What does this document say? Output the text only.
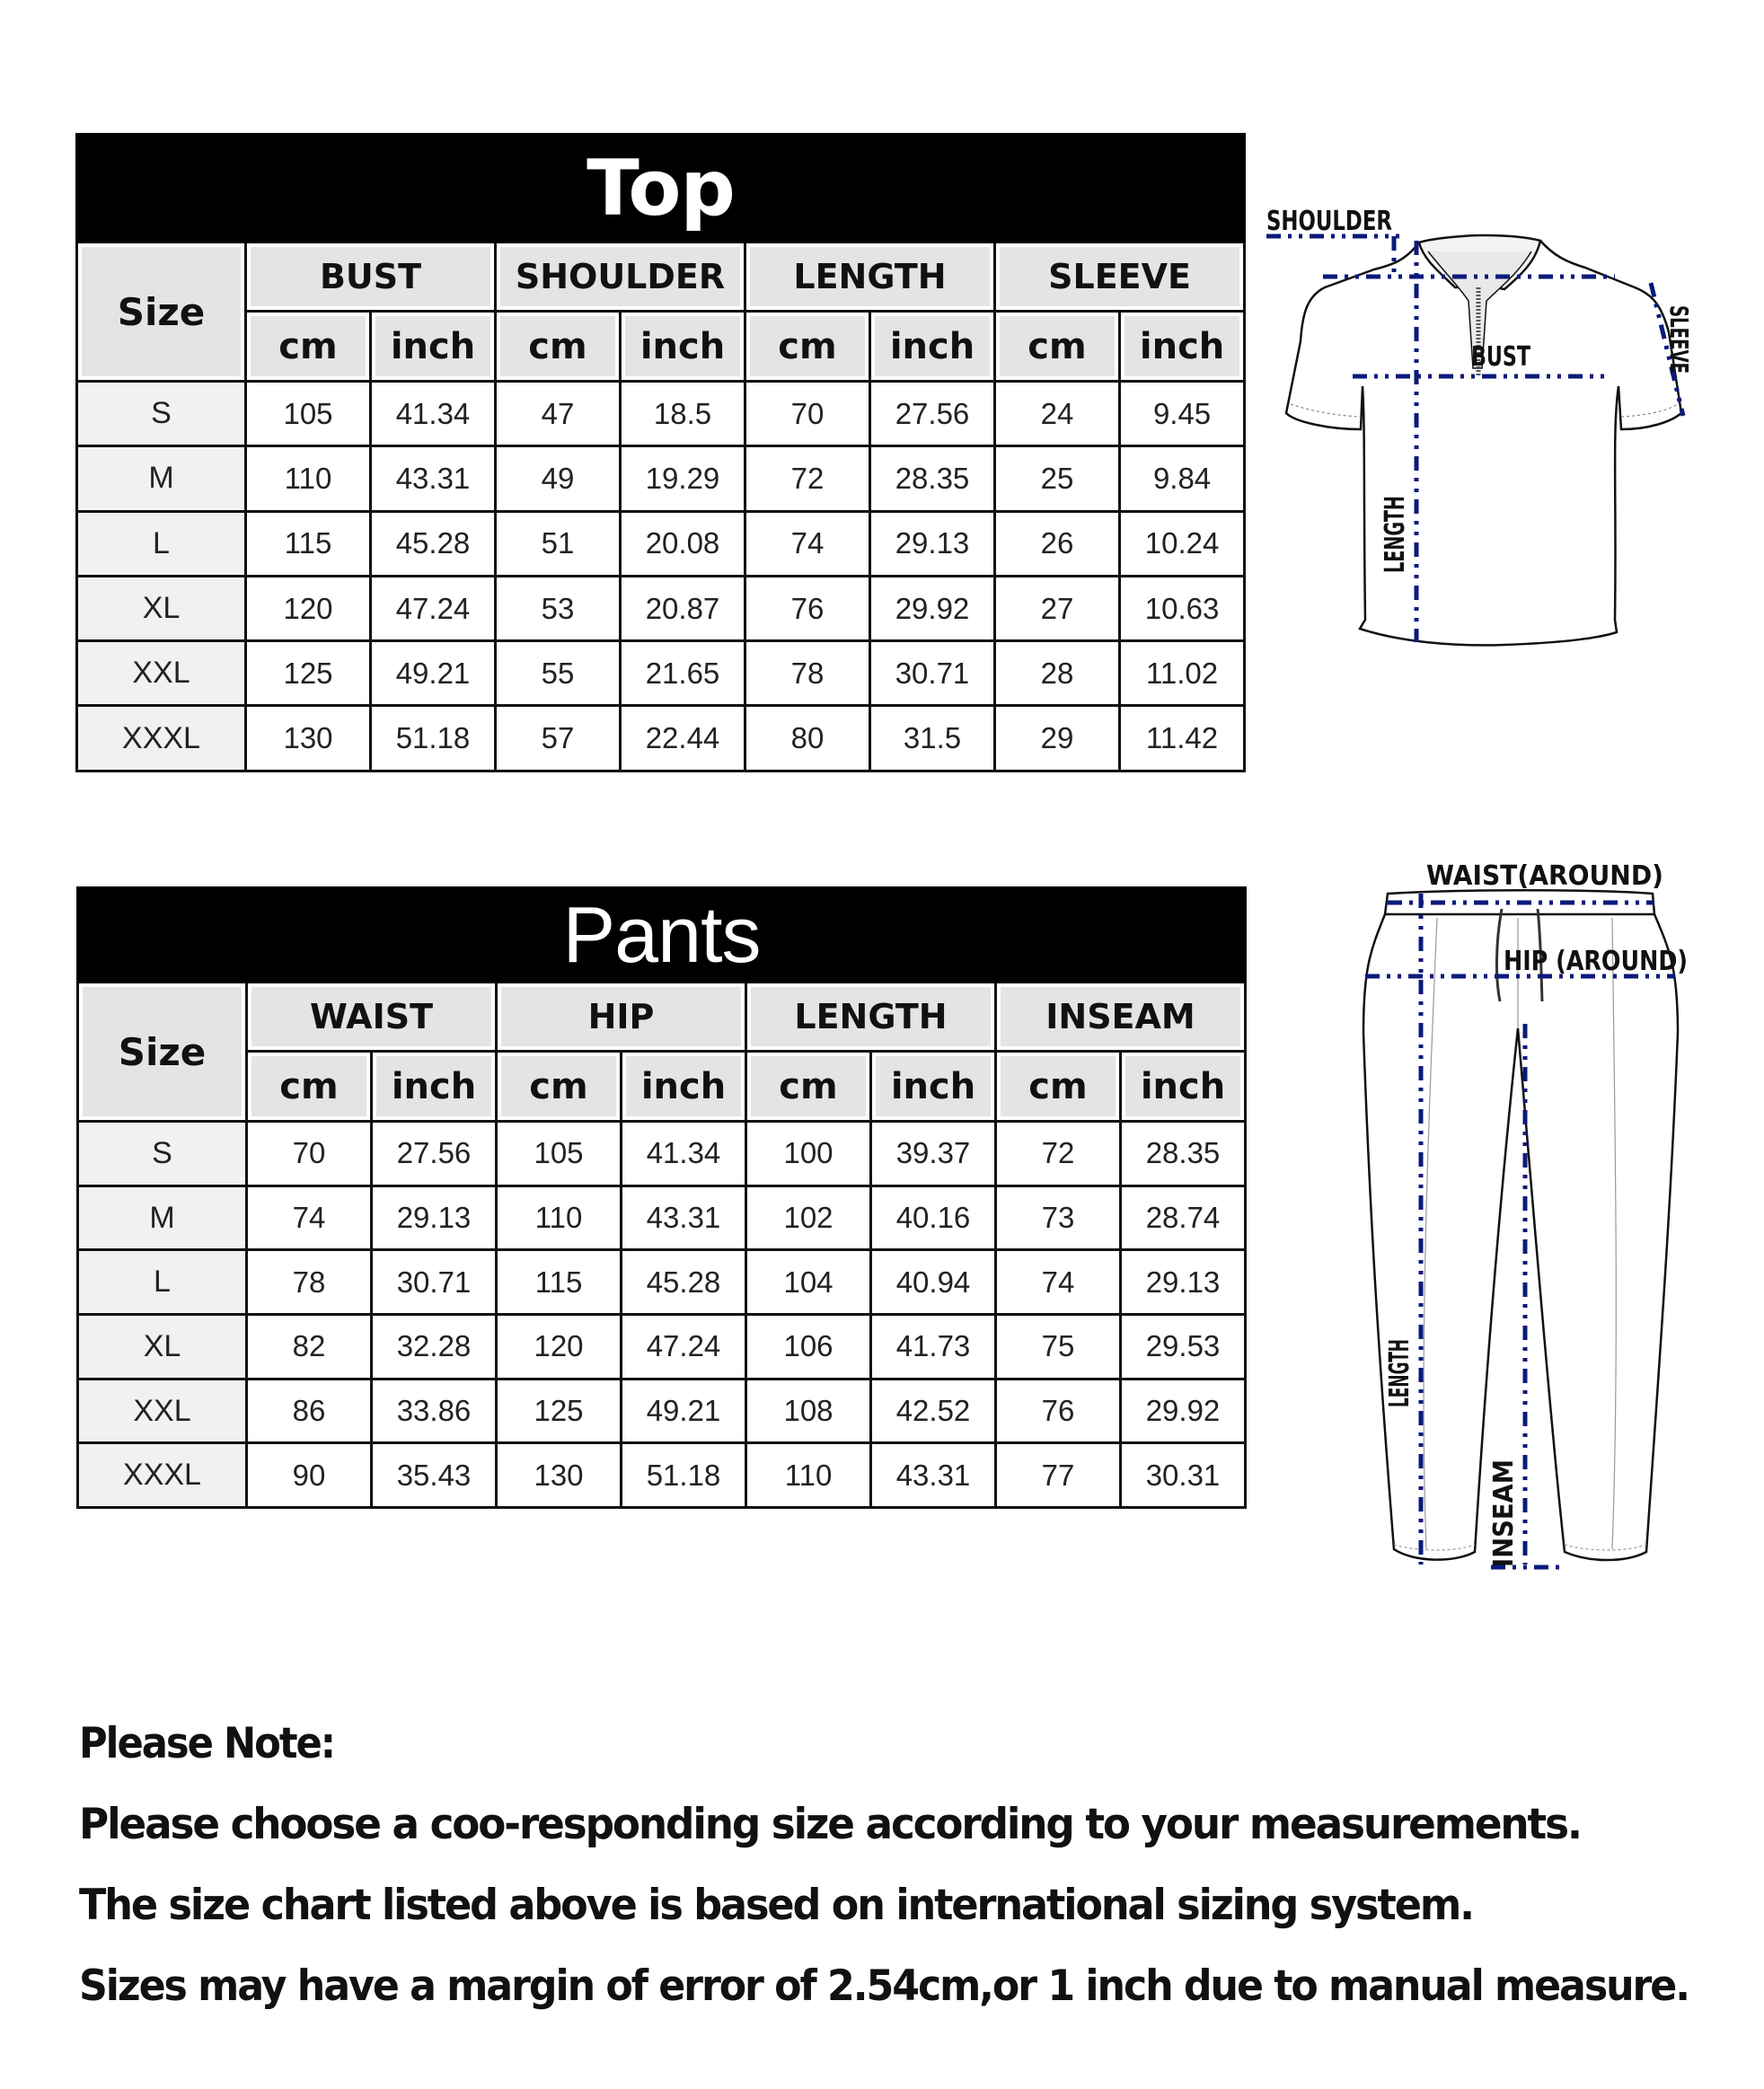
Top								
Size	BUST		SHOULDER		LENGTH		SLEEVE	
	cm	inch	cm	inch	cm	inch	cm	inch
S	105	41.34	47	18.5	70	27.56	24	9.45
M	110	43.31	49	19.29	72	28.35	25	9.84
L	115	45.28	51	20.08	74	29.13	26	10.24
XL	120	47.24	53	20.87	76	29.92	27	10.63
XXL	125	49.21	55	21.65	78	30.71	28	11.02
XXXL	130	51.18	57	22.44	80	31.5	29	11.42
Pants								
Size	WAIST		HIP		LENGTH		INSEAM	
	cm	inch	cm	inch	cm	inch	cm	inch
S	70	27.56	105	41.34	100	39.37	72	28.35
M	74	29.13	110	43.31	102	40.16	73	28.74
L	78	30.71	115	45.28	104	40.94	74	29.13
XL	82	32.28	120	47.24	106	41.73	75	29.53
XXL	86	33.86	125	49.21	108	42.52	76	29.92
XXXL	90	35.43	130	51.18	110	43.31	77	30.31
SHOULDER
BUST
LENGTH
SLEEVE
WAIST(AROUND)
HIP (AROUND)
LENGTH
INSEAM
Please Note:
Please choose a coo-responding size according to your measurements.
The size chart listed above is based on international sizing system.
Sizes may have a margin of error of 2.54cm,or 1 inch due to manual measure.
